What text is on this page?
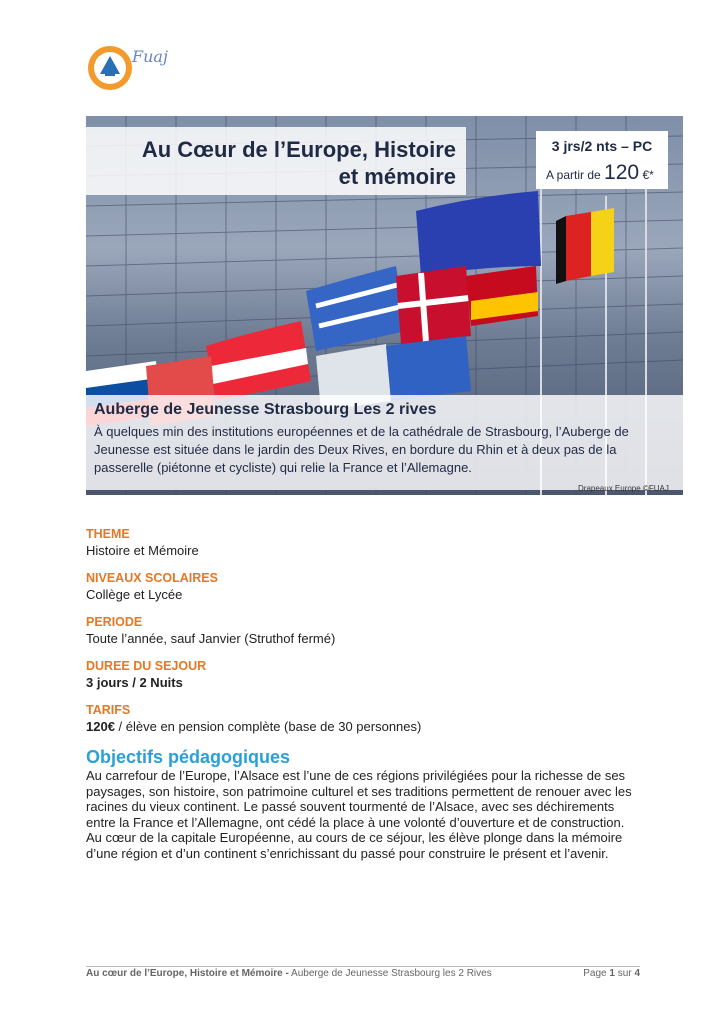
Fuaj
Au Cœur de l’Europe, Histoire
et mémoire
3 jrs/2 nts – PC
A partir de 120 €*
Auberge de Jeunesse Strasbourg Les 2 rives
À quelques min des institutions européennes et de la cathédrale de Strasbourg, l’Auberge de Jeunesse est située dans le jardin des Deux Rives, en bordure du Rhin et à deux pas de la passerelle (piétonne et cycliste) qui relie la France et l’Allemagne.
Drapeaux Europe ©FUAJ
THEME
Histoire et Mémoire
NIVEAUX SCOLAIRES
Collège et Lycée
PERIODE
Toute l’année, sauf Janvier (Struthof fermé)
DUREE DU SEJOUR
3 jours / 2 Nuits
TARIFS
120€ / élève en pension complète (base de 30 personnes)
Objectifs pédagogiques
Au carrefour de l’Europe, l’Alsace est l’une de ces régions privilégiées pour la richesse de ses paysages, son histoire, son patrimoine culturel et ses traditions permettent de renouer avec les racines du vieux continent. Le passé souvent tourmenté de l’Alsace, avec ses déchirements entre la France et l’Allemagne, ont cédé la place à une volonté d’ouverture et de construction.
Au cœur de la capitale Européenne, au cours de ce séjour, les élève plonge dans la mémoire d’une région et d’un continent s’enrichissant du passé pour construire le présent et l’avenir.
Au cœur de l’Europe, Histoire et Mémoire - Auberge de Jeunesse Strasbourg les 2 Rives	Page 1 sur 4
